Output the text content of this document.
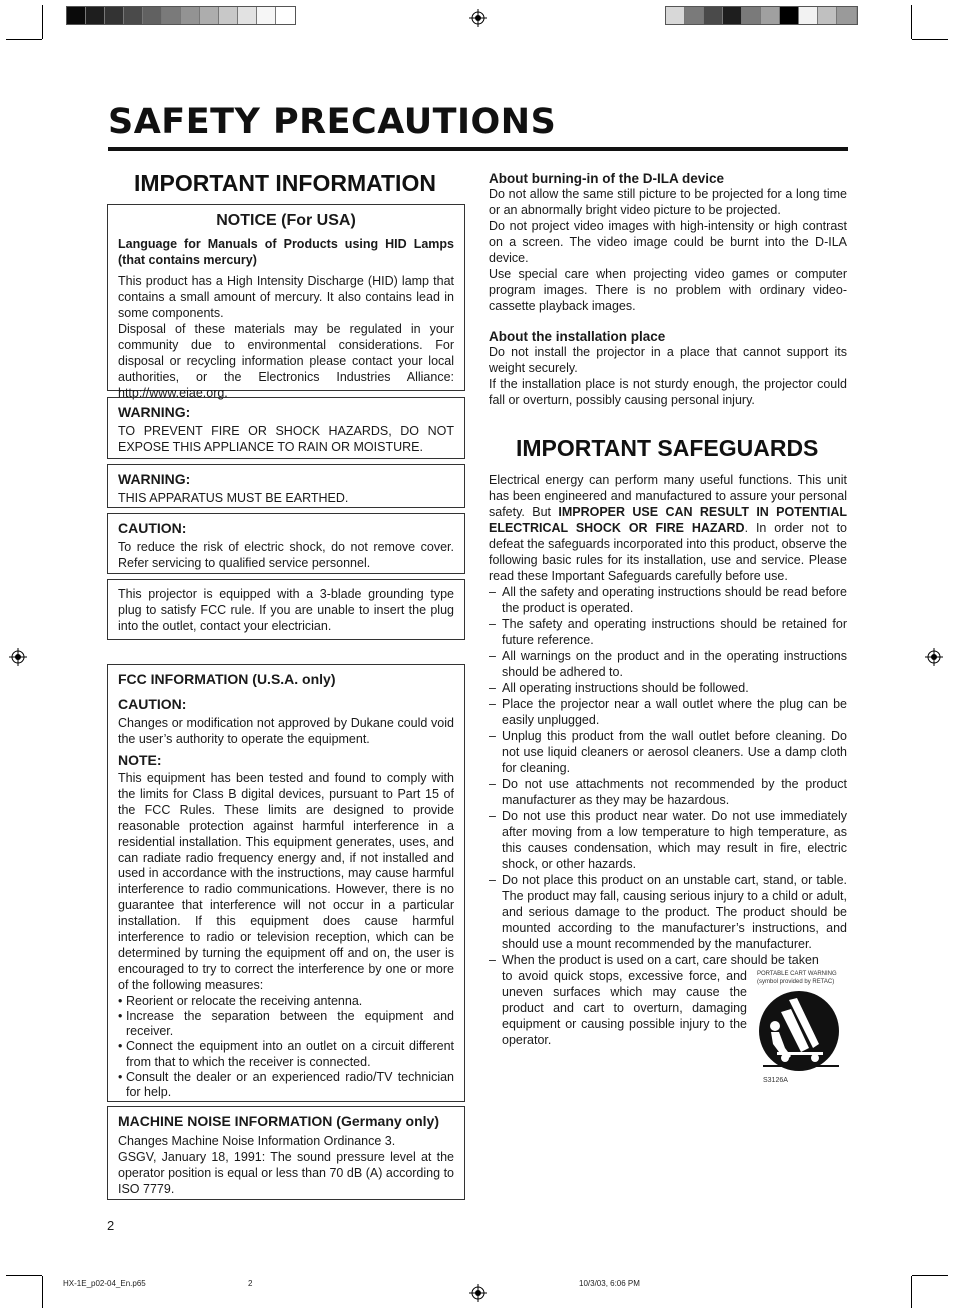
SAFETY PRECAUTIONS
IMPORTANT INFORMATION
NOTICE (For USA)

Language for Manuals of Products using HID Lamps (that contains mercury)

This product has a High Intensity Discharge (HID) lamp that contains a small amount of mercury. It also contains lead in some components.

Disposal of these materials may be regulated in your community due to environmental considerations. For disposal or recycling information please contact your local authorities, or the Electronics Industries Alliance: http://www.eiae.org.

WARNING:

TO PREVENT FIRE OR SHOCK HAZARDS, DO NOT EXPOSE THIS APPLIANCE TO RAIN OR MOISTURE.

WARNING:

THIS APPARATUS MUST BE EARTHED.

CAUTION:

To reduce the risk of electric shock, do not remove cover. Refer servicing to qualified service personnel.

This projector is equipped with a 3-blade grounding type plug to satisfy FCC rule. If you are unable to insert the plug into the outlet, contact your electrician.

FCC INFORMATION (U.S.A. only)

CAUTION:

Changes or modification not approved by Dukane could void the user’s authority to operate the equipment.

NOTE:

This equipment has been tested and found to comply with the limits for Class B digital devices, pursuant to Part 15 of the FCC Rules. These limits are designed to provide reasonable protection against harmful interference in a residential installation. This equipment generates, uses, and can radiate radio frequency energy and, if not installed and used in accordance with the instructions, may cause harmful interference to radio communications. However, there is no guarantee that interference will not occur in a particular installation. If this equipment does cause harmful interference to radio or television reception, which can be determined by turning the equipment off and on, the user is encouraged to try to correct the interference by one or more of the following measures:

• Reorient or relocate the receiving antenna.
• Increase the separation between the equipment and receiver.
• Connect the equipment into an outlet on a circuit different from that to which the receiver is connected.
• Consult the dealer or an experienced radio/TV technician for help.

MACHINE NOISE INFORMATION (Germany only)

Changes Machine Noise Information Ordinance 3.

GSGV, January 18, 1991: The sound pressure level at the operator position is equal or less than 70 dB (A) according to ISO 7779.

2

About burning-in of the D-ILA device

Do not allow the same still picture to be projected for a long time or an abnormally bright video picture to be projected.

Do not project video images with high-intensity or high contrast on a screen. The video image could be burnt into the D-ILA device.

Use special care when projecting video games or computer program images. There is no problem with ordinary video-cassette playback images.

About the installation place

Do not install the projector in a place that cannot support its weight securely.

If the installation place is not sturdy enough, the projector could fall or overturn, possibly causing personal injury.

IMPORTANT SAFEGUARDS

Electrical energy can perform many useful functions. This unit has been engineered and manufactured to assure your personal safety. But IMPROPER USE CAN RESULT IN POTENTIAL ELECTRICAL SHOCK OR FIRE HAZARD. In order not to defeat the safeguards incorporated into this product, observe the following basic rules for its installation, use and service. Please read these Important Safeguards carefully before use.

– All the safety and operating instructions should be read before the product is operated.
– The safety and operating instructions should be retained for future reference.
– All warnings on the product and in the operating instructions should be adhered to.
– All operating instructions should be followed.
– Place the projector near a wall outlet where the plug can be easily unplugged.
– Unplug this product from the wall outlet before cleaning. Do not use liquid cleaners or aerosol cleaners. Use a damp cloth for cleaning.
– Do not use attachments not recommended by the product manufacturer as they may be hazardous.
– Do not use this product near water. Do not use immediately after moving from a low temperature to high temperature, as this causes condensation, which may result in fire, electric shock, or other hazards.
– Do not place this product on an unstable cart, stand, or table. The product may fall, causing serious injury to a child or adult, and serious damage to the product. The product should be mounted according to the manufacturer’s instructions, and should use a mount recommended by the manufacturer.
– When the product is used on a cart, care should be taken
to avoid quick stops, excessive force, and uneven surfaces which may cause the product and cart to overturn, damaging equipment or causing possible injury to the operator.
PORTABLE CART WARNING
(symbol provided by RETAC)
S3126A
HX-1E_p02-04_En.p65	2	10/3/03, 6:06 PM
